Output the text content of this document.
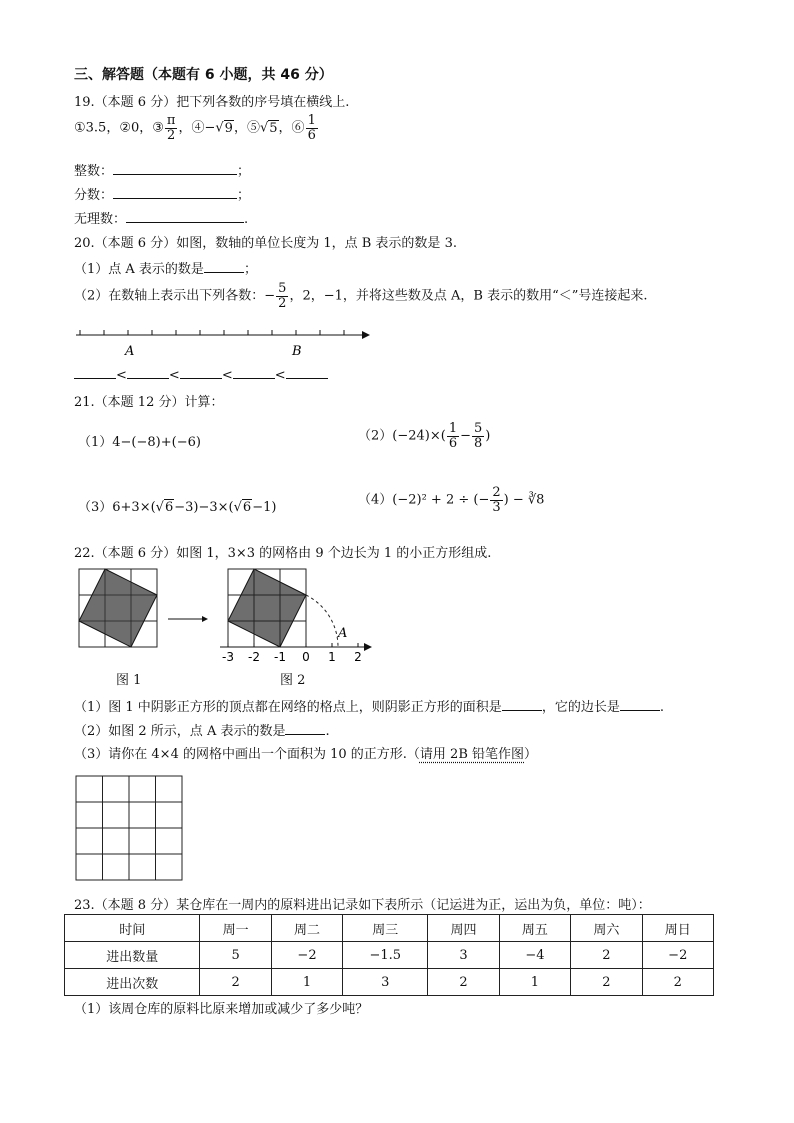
三、解答题（本题有 6 小题，共 46 分）
19.（本题 6 分）把下列各数的序号填在横线上.
①3.5，②0，③ $\frac{\pi}{2}$ ，④−√9，⑤√5，⑥ $\frac{1}{6}$
整数：	；
分数：	；
无理数：	.
20.（本题 6 分）如图，数轴的单位长度为 1，点 B 表示的数是 3.
（1）点 A 表示的数是	；
（2）在数轴上表示出下列各数：− $\frac{5}{2}$ ，2，−1，并将这些数及点 A，B 表示的数用“＜”号连接起来.
A	B
<	<	<	<
21.（本题 12 分）计算：
（1）4−(−8)+(−6)	$(2)(-24)\times( \frac{1}{6} - \frac{5}{8}$ )
（3）6+3×(√6−3)−3×(√6−1)	（4）(−2)² + 2 ÷ (− $\frac{2}{3}$ ) − ∛8
22.（本题 6 分）如图 1，3×3 的网格由 9 个边长为 1 的小正方形组成.
A
-3 -2 -1 0 1 2
图 1	图 2
（1）图 1 中阴影正方形的顶点都在网络的格点上，则阴影正方形的面积是	，它的边长是	.
（2）如图 2 所示，点 A 表示的数是	.
（3）请你在 4×4 的网格中画出一个面积为 10 的正方形.（请用 2B 铅笔作图）
23.（本题 8 分）某仓库在一周内的原料进出记录如下表所示（记运进为正，运出为负，单位：吨）：
时间	周一	周二	周三	周四	周五	周六	周日
进出数量	5	−2	−1.5	3	−4	2	−2
进出次数	2	1	3	2	1	2	2
（1）该周仓库的原料比原来增加或减少了多少吨？
